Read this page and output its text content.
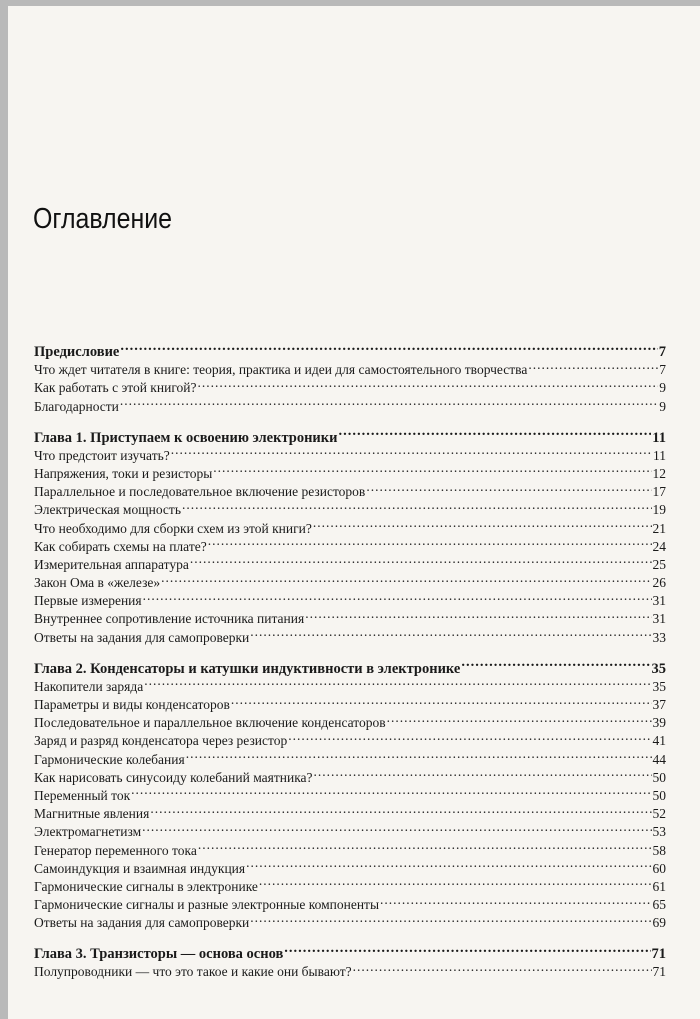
Оглавление
Предисловие .....	7
Что ждет читателя в книге: теория, практика и идеи для самостоятельного творчества .....	7
Как работать с этой книгой? .....	9
Благодарности .....	9
Глава 1. Приступаем к освоению электроники .....	11
Что предстоит изучать? .....	11
Напряжения, токи и резисторы .....	12
Параллельное и последовательное включение резисторов .....	17
Электрическая мощность .....	19
Что необходимо для сборки схем из этой книги? .....	21
Как собирать схемы на плате? .....	24
Измерительная аппаратура .....	25
Закон Ома в «железе» .....	26
Первые измерения .....	31
Внутреннее сопротивление источника питания .....	31
Ответы на задания для самопроверки .....	33
Глава 2. Конденсаторы и катушки индуктивности в электронике .....	35
Накопители заряда .....	35
Параметры и виды конденсаторов .....	37
Последовательное и параллельное включение конденсаторов .....	39
Заряд и разряд конденсатора через резистор .....	41
Гармонические колебания .....	44
Как нарисовать синусоиду колебаний маятника? .....	50
Переменный ток .....	50
Магнитные явления .....	52
Электромагнетизм .....	53
Генератор переменного тока .....	58
Самоиндукция и взаимная индукция .....	60
Гармонические сигналы в электронике .....	61
Гармонические сигналы и разные электронные компоненты .....	65
Ответы на задания для самопроверки .....	69
Глава 3. Транзисторы — основа основ .....	71
Полупроводники — что это такое и какие они бывают? .....	71
